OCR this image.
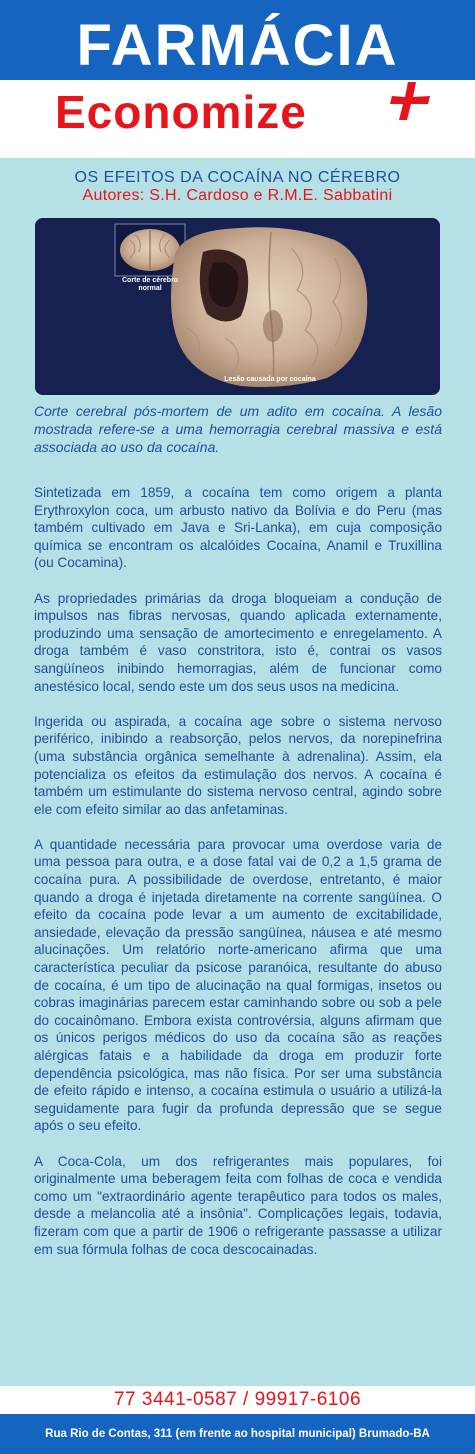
FARMÁCIA
Economize
OS EFEITOS DA COCAÍNA NO CÉREBRO
Autores: S.H. Cardoso e R.M.E. Sabbatini
Corte de cérebro normal
Lesão causada por cocaína
Corte cerebral pós-mortem de um adito em cocaína. A lesão mostrada refere-se a uma hemorragia cerebral massiva e está associada ao uso da cocaína.

Sintetizada em 1859, a cocaína tem como origem a planta Erythroxylon coca, um arbusto nativo da Bolívia e do Peru (mas também cultivado em Java e Sri-Lanka), em cuja composição química se encontram os alcalóides Cocaína, Anamil e Truxillina (ou Cocamina).

As propriedades primárias da droga bloqueiam a condução de impulsos nas fibras nervosas, quando aplicada externamente, produzindo uma sensação de amortecimento e enregelamento. A droga também é vaso constritora, isto é, contrai os vasos sangüíneos inibindo hemorragias, além de funcionar como anestésico local, sendo este um dos seus usos na medicina.

Ingerida ou aspirada, a cocaína age sobre o sistema nervoso periférico, inibindo a reabsorção, pelos nervos, da norepinefrina (uma substância orgânica semelhante à adrenalina). Assim, ela potencializa os efeitos da estimulação dos nervos. A cocaína é também um estimulante do sistema nervoso central, agindo sobre ele com efeito similar ao das anfetaminas.

A quantidade necessária para provocar uma overdose varia de uma pessoa para outra, e a dose fatal vai de 0,2 a 1,5 grama de cocaína pura. A possibilidade de overdose, entretanto, é maior quando a droga é injetada diretamente na corrente sangüínea. O efeito da cocaína pode levar a um aumento de excitabilidade, ansiedade, elevação da pressão sangüínea, náusea e até mesmo alucinações. Um relatório norte-americano afirma que uma característica peculiar da psicose paranóica, resultante do abuso de cocaína, é um tipo de alucinação na qual formigas, insetos ou cobras imaginárias parecem estar caminhando sobre ou sob a pele do cocainômano. Embora exista controvérsia, alguns afirmam que os únicos perigos médicos do uso da cocaína são as reações alérgicas fatais e a habilidade da droga em produzir forte dependência psicológica, mas não física. Por ser uma substância de efeito rápido e intenso, a cocaína estimula o usuário a utilizá-la seguidamente para fugir da profunda depressão que se segue após o seu efeito.

A Coca-Cola, um dos refrigerantes mais populares, foi originalmente uma beberagem feita com folhas de coca e vendida como um "extraordinário agente terapêutico para todos os males, desde a melancolia até a insônia". Complicações legais, todavia, fizeram com que a partir de 1906 o refrigerante passasse a utilizar em sua fórmula folhas de coca descocainadas.

77 3441-0587 / 99917-6106
Rua Rio de Contas, 311 (em frente ao hospital municipal) Brumado-BA
